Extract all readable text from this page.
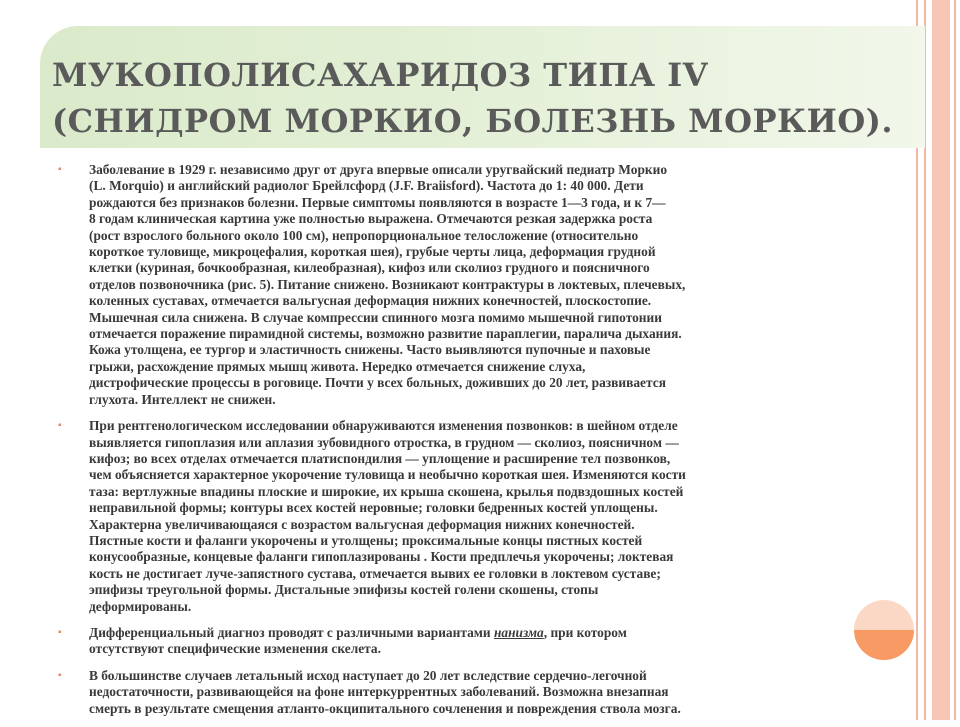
МУКОПОЛИСАХАРИДОЗ ТИПА IV
(СНИДРОМ МОРКИО, БОЛЕЗНЬ МОРКИО).
▪	Заболевание в 1929 г. независимо друг от друга впервые описали уругвайский педиатр Моркио
(L. Morquio) и английский радиолог Брейлсфорд (J.F. Braiisford). Частота до 1: 40 000. Дети
рождаются без признаков болезни. Первые симптомы появляются в возрасте 1—3 года, и к 7—
8 годам клиническая картина уже полностью выражена. Отмечаются резкая задержка роста
(рост взрослого больного около 100 см), непропорциональное телосложение (относительно
короткое туловище, микроцефалия, короткая шея), грубые черты лица, деформация грудной
клетки (куриная, бочкообразная, килеобразная), кифоз или сколиоз грудного и поясничного
отделов позвоночника (рис. 5). Питание снижено. Возникают контрактуры в локтевых, плечевых,
коленных суставах, отмечается вальгусная деформация нижних конечностей, плоскостопие.
Мышечная сила снижена. В случае компрессии спинного мозга помимо мышечной гипотонии
отмечается поражение пирамидной системы, возможно развитие параплегии, паралича дыхания.
Кожа утолщена, ее тургор и эластичность снижены. Часто выявляются пупочные и паховые
грыжи, расхождение прямых мышц живота. Нередко отмечается снижение слуха,
дистрофические процессы в роговице. Почти у всех больных, доживших до 20 лет, развивается
глухота. Интеллект не снижен.
▪	При рентгенологическом исследовании обнаруживаются изменения позвонков: в шейном отделе
выявляется гипоплазия или аплазия зубовидного отростка, в грудном — сколиоз, поясничном —
кифоз; во всех отделах отмечается платиспондилия — уплощение и расширение тел позвонков,
чем объясняется характерное укорочение туловища и необычно короткая шея. Изменяются кости
таза: вертлужные впадины плоские и широкие, их крыша скошена, крылья подвздошных костей
неправильной формы; контуры всех костей неровные; головки бедренных костей уплощены.
Характерна увеличивающаяся с возрастом вальгусная деформация нижних конечностей.
Пястные кости и фаланги укорочены и утолщены; проксимальные концы пястных костей
конусообразные, концевые фаланги гипоплазированы . Кости предплечья укорочены; локтевая
кость не достигает луче-запястного сустава, отмечается вывих ее головки в локтевом суставе;
эпифизы треугольной формы. Дистальные эпифизы костей голени скошены, стопы
деформированы.
▪	Дифференциальный диагноз проводят с различными вариантами нанизма, при котором
отсутствуют специфические изменения скелета.
▪	В большинстве случаев летальный исход наступает до 20 лет вследствие сердечно-легочной
недостаточности, развивающейся на фоне интеркуррентных заболеваний. Возможна внезапная
смерть в результате смещения атланто-окципитального сочленения и повреждения ствола мозга.
